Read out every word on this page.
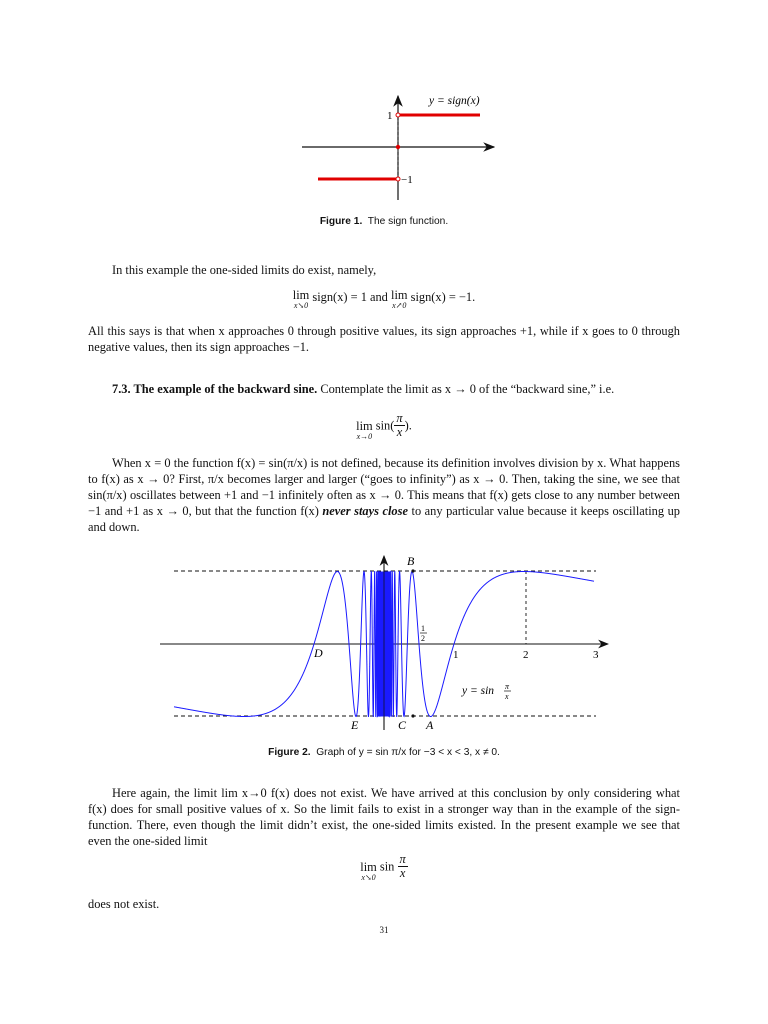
1
−1
y = sign(x)
Figure 1. The sign function.
In this example the one-sided limits do exist, namely,
lim
x↘0
sign(x) = 1 and lim
x↗0
sign(x) = −1.
All this says is that when x approaches 0 through positive values, its sign approaches +1, while if x goes to 0 through negative values, then its sign approaches −1.
7.3. The example of the backward sine. Contemplate the limit as x → 0 of the “backward sine,” i.e.
lim
x→0
$\sin( \frac{\pi}{x}$ ).
When x = 0 the function f(x) = sin(π/x) is not defined, because its definition involves division by x. What happens to f(x) as x → 0? First, π/x becomes larger and larger (“goes to infinity”) as x → 0. Then, taking the sine, we see that sin(π/x) oscillates between +1 and −1 infinitely often as x → 0. This means that f(x) gets close to any number between −1 and +1 as x → 0, but that the function f(x) never stays close to any particular value because it keeps oscillating up and down.
B
D
E	C A
1
2
1	2	3
y = sin π
x
Figure 2. Graph of y = sin π/x for −3 < x < 3, x ≠ 0.
Here again, the limit lim x→0 f(x) does not exist. We have arrived at this conclusion by only considering what f(x) does for small positive values of x. So the limit fails to exist in a stronger way than in the example of the sign-function. There, even though the limit didn’t exist, the one-sided limits existed. In the present example we see that even the one-sided limit
lim
x↘0
$\sin \frac{\pi}{x}$
does not exist.
31
